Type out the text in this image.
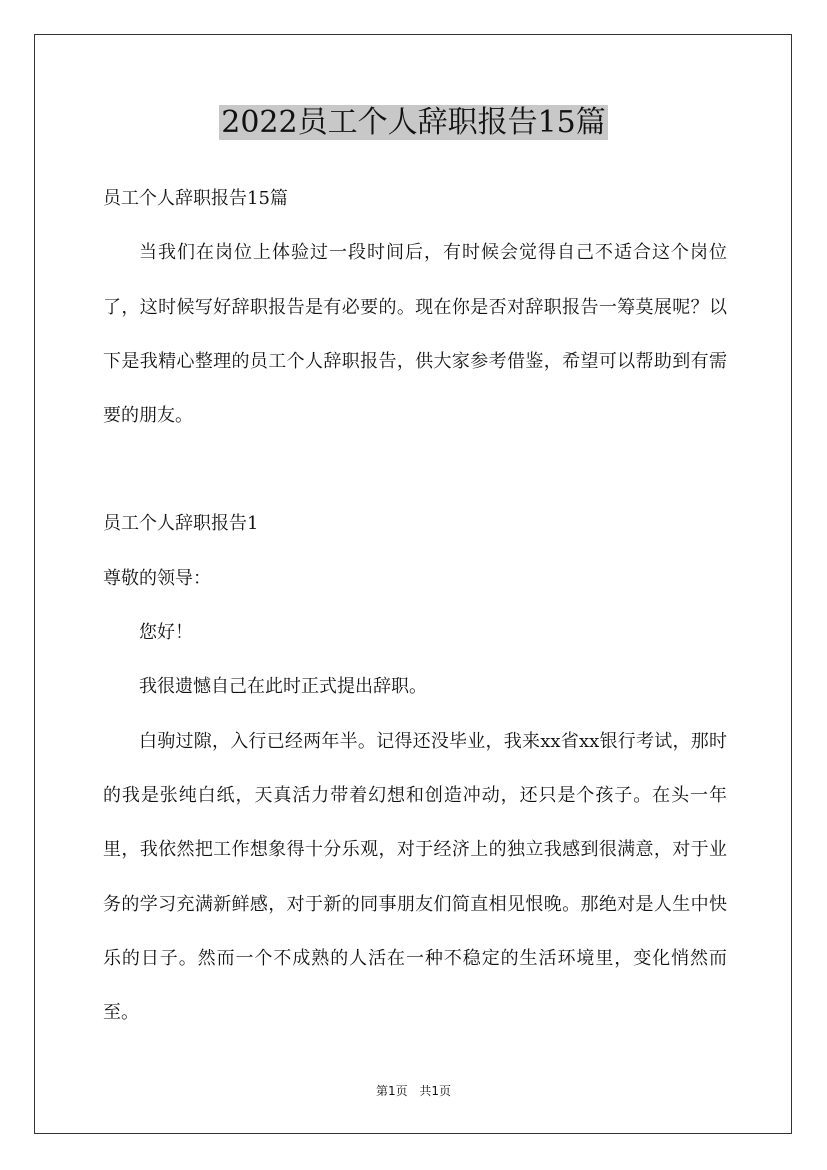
2022员工个人辞职报告15篇

员工个人辞职报告15篇

当我们在岗位上体验过一段时间后，有时候会觉得自己不适合这个岗位了，这时候写好辞职报告是有必要的。现在你是否对辞职报告一筹莫展呢？以下是我精心整理的员工个人辞职报告，供大家参考借鉴，希望可以帮助到有需要的朋友。

员工个人辞职报告1

尊敬的领导：

您好！

我很遗憾自己在此时正式提出辞职。

白驹过隙，入行已经两年半。记得还没毕业，我来xx省xx银行考试，那时的我是张纯白纸，天真活力带着幻想和创造冲动，还只是个孩子。在头一年里，我依然把工作想象得十分乐观，对于经济上的独立我感到很满意，对于业务的学习充满新鲜感，对于新的同事朋友们简直相见恨晚。那绝对是人生中快乐的日子。然而一个不成熟的人活在一种不稳定的生活环境里，变化悄然而至。

第1页 共1页
